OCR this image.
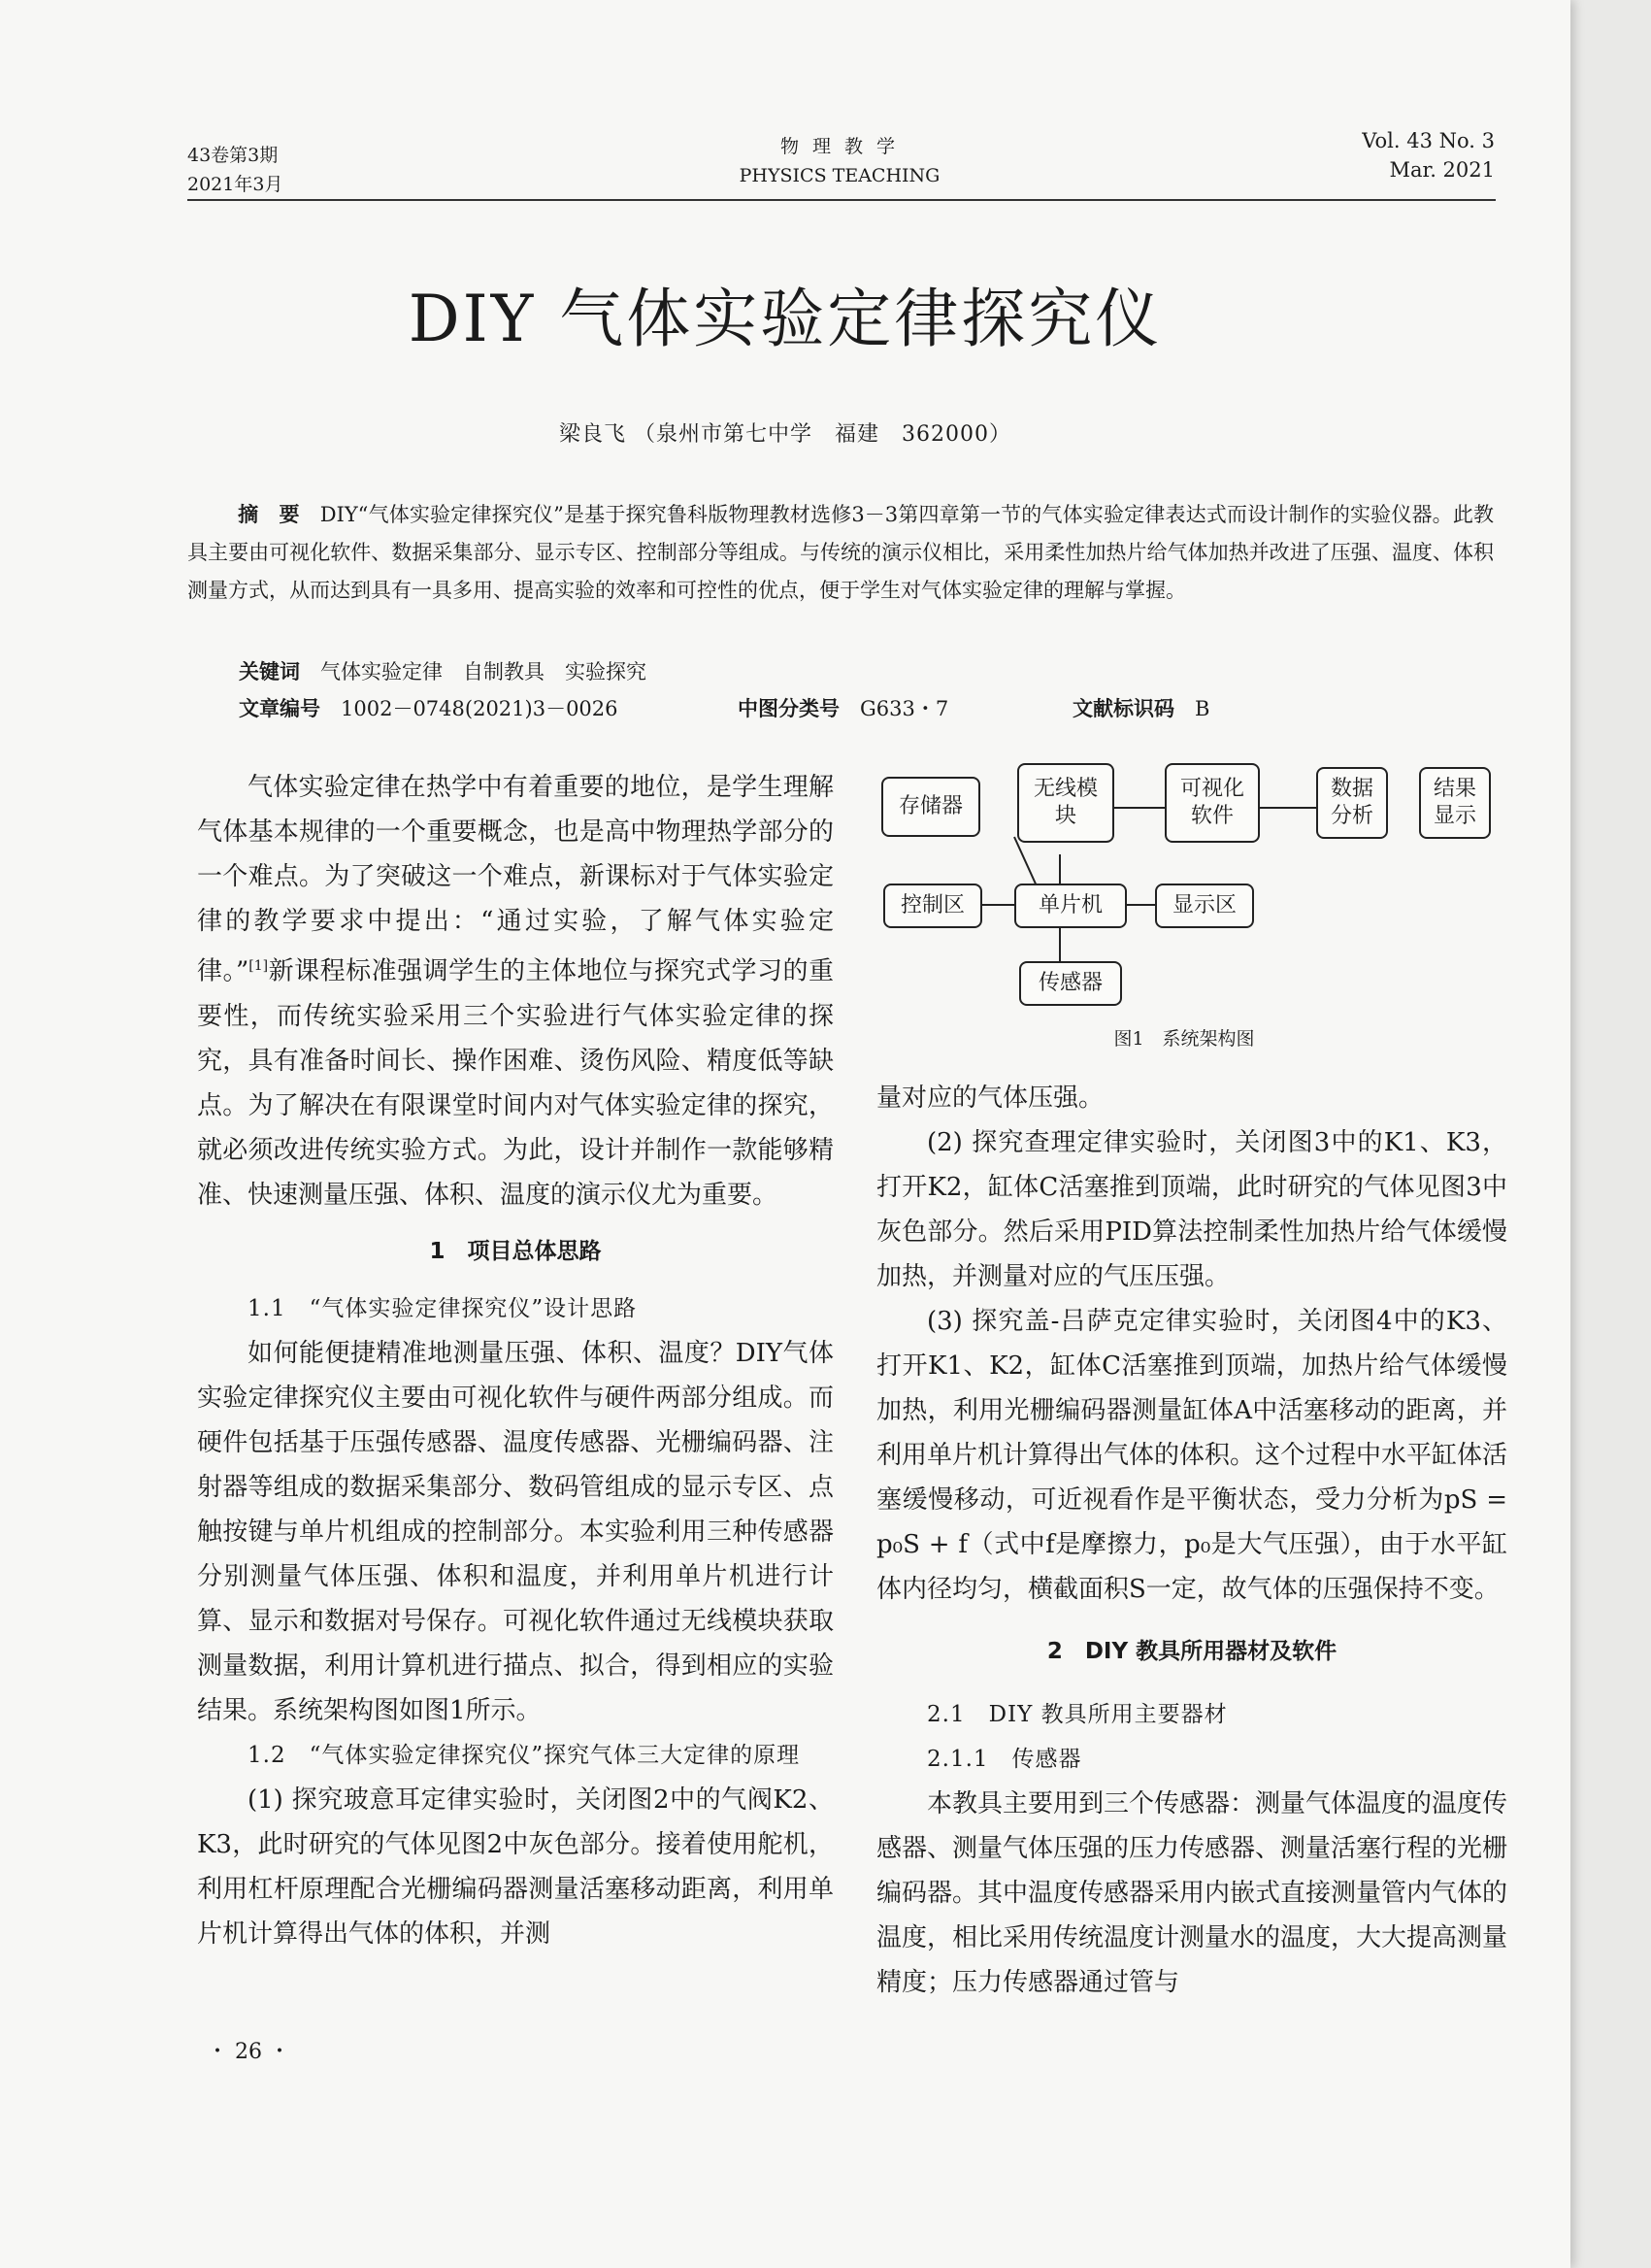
43卷第3期
2021年3月
物 理 教 学
PHYSICS TEACHING
Vol. 43 No. 3
Mar. 2021
DIY 气体实验定律探究仪
梁良飞 （泉州市第七中学　福建　362000）
摘　要  DIY“气体实验定律探究仪”是基于探究鲁科版物理教材选修3－3第四章第一节的气体实验定律表达式而设计制作的实验仪器。此教具主要由可视化软件、数据采集部分、显示专区、控制部分等组成。与传统的演示仪相比，采用柔性加热片给气体加热并改进了压强、温度、体积测量方式，从而达到具有一具多用、提高实验的效率和可控性的优点，便于学生对气体实验定律的理解与掌握。
关键词  气体实验定律　自制教具　实验探究
文章编号  1002－0748(2021)3－0026	中图分类号  G633・7	文献标识码  B

气体实验定律在热学中有着重要的地位，是学生理解气体基本规律的一个重要概念，也是高中物理热学部分的一个难点。为了突破这一个难点，新课标对于气体实验定律的教学要求中提出：“通过实验，了解气体实验定律。”[1]新课程标准强调学生的主体地位与探究式学习的重要性，而传统实验采用三个实验进行气体实验定律的探究，具有准备时间长、操作困难、烫伤风险、精度低等缺点。为了解决在有限课堂时间内对气体实验定律的探究，就必须改进传统实验方式。为此，设计并制作一款能够精准、快速测量压强、体积、温度的演示仪尤为重要。

1　项目总体思路
1.1　“气体实验定律探究仪”设计思路

如何能便捷精准地测量压强、体积、温度？DIY气体实验定律探究仪主要由可视化软件与硬件两部分组成。而硬件包括基于压强传感器、温度传感器、光栅编码器、注射器等组成的数据采集部分、数码管组成的显示专区、点触按键与单片机组成的控制部分。本实验利用三种传感器分别测量气体压强、体积和温度，并利用单片机进行计算、显示和数据对号保存。可视化软件通过无线模块获取测量数据，利用计算机进行描点、拟合，得到相应的实验结果。系统架构图如图1所示。

1.2　“气体实验定律探究仪”探究气体三大定律的原理

(1) 探究玻意耳定律实验时，关闭图2中的气阀K2、K3，此时研究的气体见图2中灰色部分。接着使用舵机，利用杠杆原理配合光栅编码器测量活塞移动距离，利用单片机计算得出气体的体积，并测

存储器
无线模块
可视化软件
数据分析
结果显示
控制区	单片机	显示区
传感器
图1　系统架构图

量对应的气体压强。

(2) 探究查理定律实验时，关闭图3中的K1、K3，打开K2，缸体C活塞推到顶端，此时研究的气体见图3中灰色部分。然后采用PID算法控制柔性加热片给气体缓慢加热，并测量对应的气压压强。

(3) 探究盖-吕萨克定律实验时，关闭图4中的K3、打开K1、K2，缸体C活塞推到顶端，加热片给气体缓慢加热，利用光栅编码器测量缸体A中活塞移动的距离，并利用单片机计算得出气体的体积。这个过程中水平缸体活塞缓慢移动，可近视看作是平衡状态，受力分析为pS = p₀S + f（式中f是摩擦力，p₀是大气压强），由于水平缸体内径均匀，横截面积S一定，故气体的压强保持不变。

2　DIY 教具所用器材及软件
2.1　DIY 教具所用主要器材
2.1.1　传感器

本教具主要用到三个传感器：测量气体温度的温度传感器、测量气体压强的压力传感器、测量活塞行程的光栅编码器。其中温度传感器采用内嵌式直接测量管内气体的温度，相比采用传统温度计测量水的温度，大大提高测量精度；压力传感器通过管与

・ 26 ・
